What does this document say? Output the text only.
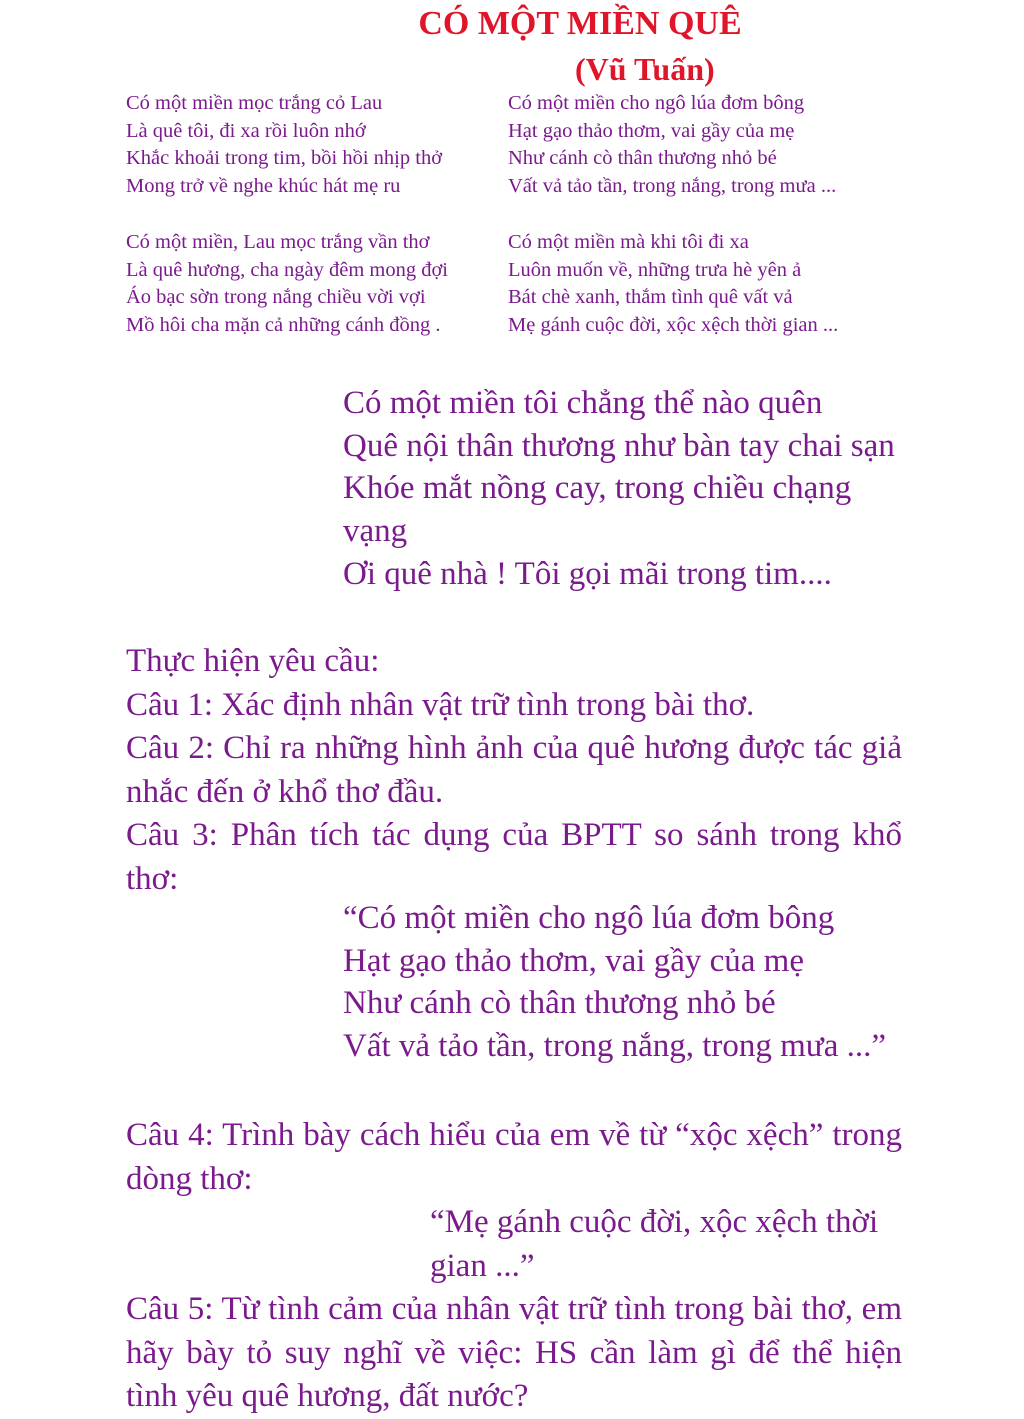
CÓ MỘT MIỀN QUÊ
(Vũ Tuấn)
Có một miền mọc trắng cỏ Lau
Là quê tôi, đi xa rồi luôn nhớ
Khắc khoải trong tim, bồi hồi nhịp thở
Mong trở về nghe khúc hát mẹ ru
Có một miền cho ngô lúa đơm bông
Hạt gạo thảo thơm, vai gầy của mẹ
Như cánh cò thân thương nhỏ bé
Vất vả tảo tần, trong nắng, trong mưa ...
Có một miền, Lau mọc trắng vần thơ
Là quê hương, cha ngày đêm mong đợi
Áo bạc sờn trong nắng chiều vời vợi
Mồ hôi cha mặn cả những cánh đồng .
Có một miền mà khi tôi đi xa
Luôn muốn về, những trưa hè yên ả
Bát chè xanh, thắm tình quê vất vả
Mẹ gánh cuộc đời, xộc xệch thời gian ...
Có một miền tôi chẳng thể nào quên
Quê nội thân thương như bàn tay chai sạn
Khóe mắt nồng cay, trong chiều chạng vạng
Ơi quê nhà ! Tôi gọi mãi trong tim....
Thực hiện yêu cầu:
Câu 1: Xác định nhân vật trữ tình trong bài thơ.
Câu 2: Chỉ ra những hình ảnh của quê hương được tác giả nhắc đến ở khổ thơ đầu.
Câu 3: Phân tích tác dụng của BPTT so sánh trong khổ thơ:
“Có một miền cho ngô lúa đơm bông
Hạt gạo thảo thơm, vai gầy của mẹ
Như cánh cò thân thương nhỏ bé
Vất vả tảo tần, trong nắng, trong mưa ...”
Câu 4: Trình bày cách hiểu của em về từ “xộc xệch” trong dòng thơ:
“Mẹ gánh cuộc đời, xộc xệch thời gian ...”
Câu 5: Từ tình cảm của nhân vật trữ tình trong bài thơ, em hãy bày tỏ suy nghĩ về việc: HS cần làm gì để thể hiện tình yêu quê hương, đất nước?
